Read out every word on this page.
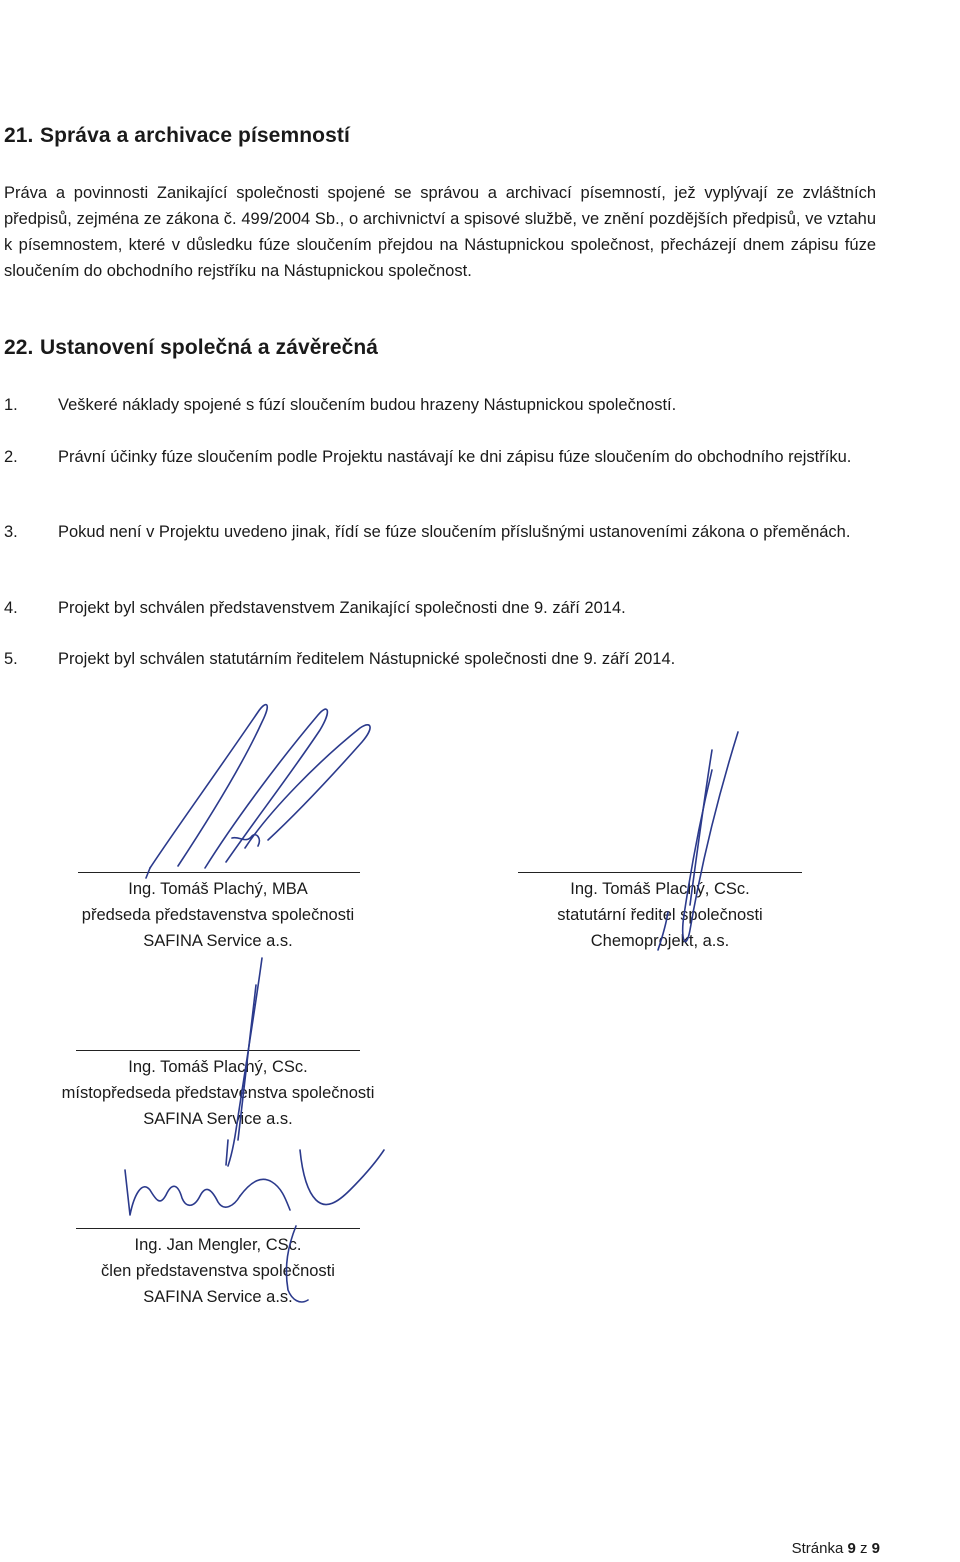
21. Správa a archivace písemností
Práva a povinnosti Zanikající společnosti spojené se správou a archivací písemností, jež vyplývají ze zvláštních předpisů, zejména ze zákona č. 499/2004 Sb., o archivnictví a spisové službě, ve znění pozdějších předpisů, ve vztahu k písemnostem, které v důsledku fúze sloučením přejdou na Nástupnickou společnost, přecházejí dnem zápisu fúze sloučením do obchodního rejstříku na Nástupnickou společnost.
22. Ustanovení společná a závěrečná
1. Veškeré náklady spojené s fúzí sloučením budou hrazeny Nástupnickou společností.
2. Právní účinky fúze sloučením podle Projektu nastávají ke dni zápisu fúze sloučením do obchodního rejstříku.
3. Pokud není v Projektu uvedeno jinak, řídí se fúze sloučením příslušnými ustanoveními zákona o přeměnách.
4. Projekt byl schválen představenstvem Zanikající společnosti dne 9. září 2014.
5. Projekt byl schválen statutárním ředitelem Nástupnické společnosti dne 9. září 2014.
Ing. Tomáš Plachý, MBA
předseda představenstva společnosti
SAFINA Service a.s.
Ing. Tomáš Plachý, CSc.
statutární ředitel společnosti
Chemoprojekt, a.s.
Ing. Tomáš Plachý, CSc.
místopředseda představenstva společnosti
SAFINA Service a.s.
Ing. Jan Mengler, CSc.
člen představenstva společnosti
SAFINA Service a.s.
Stránka 9 z 9
